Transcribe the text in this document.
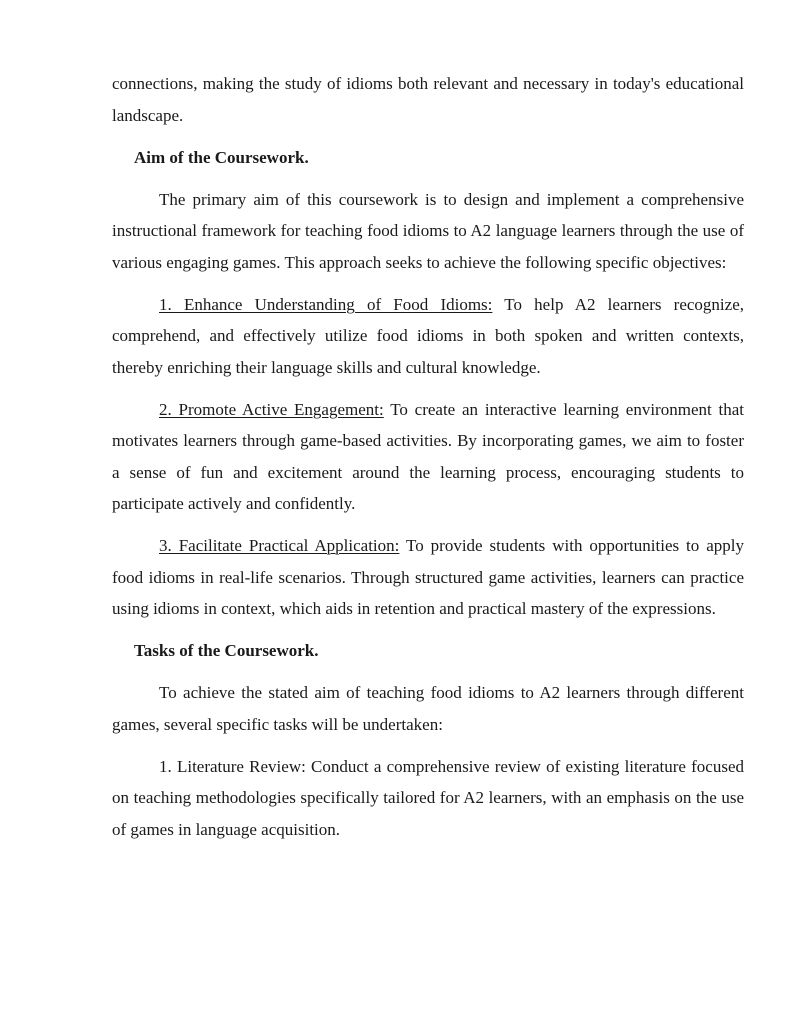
connections, making the study of idioms both relevant and necessary in today's educational landscape.

Aim of the Coursework.

The primary aim of this coursework is to design and implement a comprehensive instructional framework for teaching food idioms to A2 language learners through the use of various engaging games. This approach seeks to achieve the following specific objectives:

1. Enhance Understanding of Food Idioms: To help A2 learners recognize, comprehend, and effectively utilize food idioms in both spoken and written contexts, thereby enriching their language skills and cultural knowledge.

2. Promote Active Engagement: To create an interactive learning environment that motivates learners through game-based activities. By incorporating games, we aim to foster a sense of fun and excitement around the learning process, encouraging students to participate actively and confidently.

3. Facilitate Practical Application: To provide students with opportunities to apply food idioms in real-life scenarios. Through structured game activities, learners can practice using idioms in context, which aids in retention and practical mastery of the expressions.

Tasks of the Coursework.

To achieve the stated aim of teaching food idioms to A2 learners through different games, several specific tasks will be undertaken:

1. Literature Review: Conduct a comprehensive review of existing literature focused on teaching methodologies specifically tailored for A2 learners, with an emphasis on the use of games in language acquisition.
